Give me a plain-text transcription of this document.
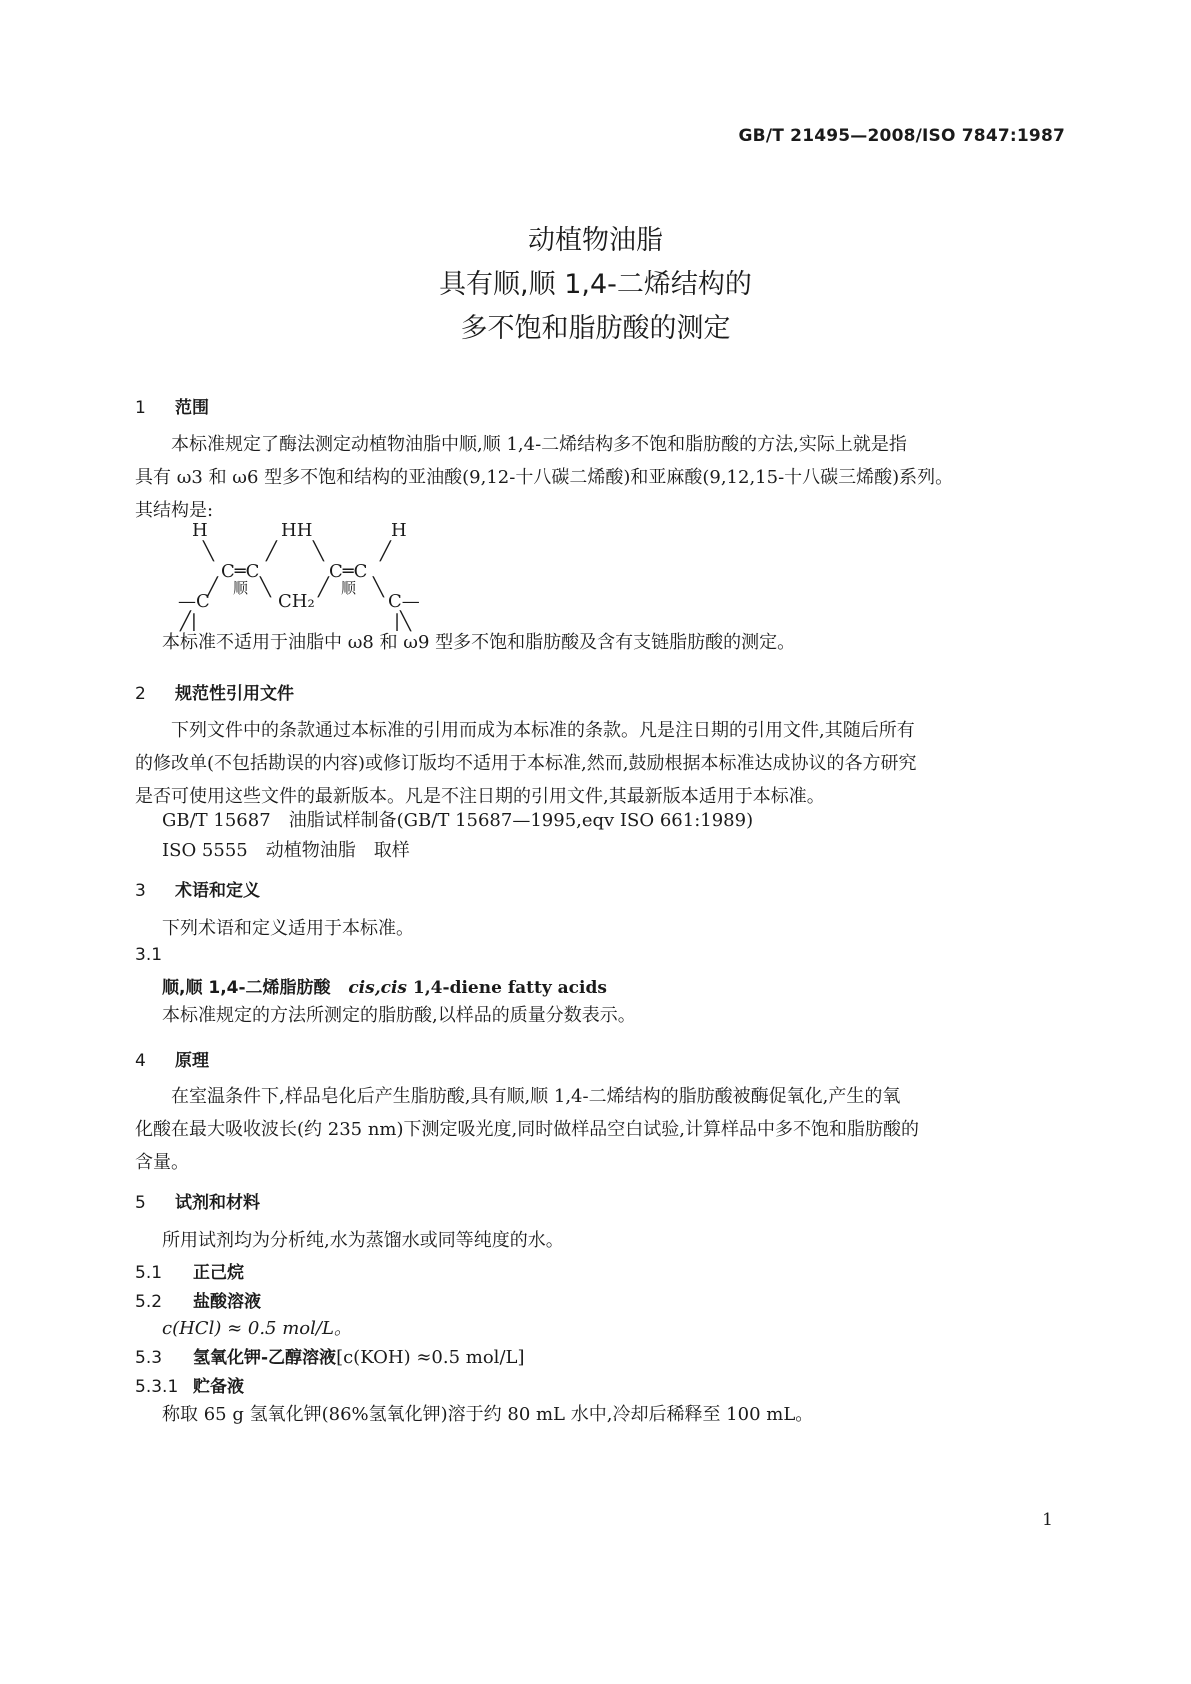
GB/T 21495—2008/ISO 7847:1987
动植物油脂
具有顺,顺 1,4-二烯结构的
多不饱和脂肪酸的测定
1 范围
本标准规定了酶法测定动植物油脂中顺,顺 1,4-二烯结构多不饱和脂肪酸的方法,实际上就是指
具有 ω3 和 ω6 型多不饱和结构的亚油酸(9,12-十八碳二烯酸)和亚麻酸(9,12,15-十八碳三烯酸)系列。
其结构是:
H	HH	H
╲	╱ ╲	╱
C═C	C═C
顺	顺
╱ ╲	╱ ╲
—C	CH₂	C—
╱|	|╲
本标准不适用于油脂中 ω8 和 ω9 型多不饱和脂肪酸及含有支链脂肪酸的测定。
2 规范性引用文件
下列文件中的条款通过本标准的引用而成为本标准的条款。凡是注日期的引用文件,其随后所有
的修改单(不包括勘误的内容)或修订版均不适用于本标准,然而,鼓励根据本标准达成协议的各方研究
是否可使用这些文件的最新版本。凡是不注日期的引用文件,其最新版本适用于本标准。
GB/T 15687　油脂试样制备(GB/T 15687—1995,eqv ISO 661:1989)
ISO 5555　动植物油脂　取样
3 术语和定义
下列术语和定义适用于本标准。
3.1
顺,顺 1,4-二烯脂肪酸 cis,cis 1,4-diene fatty acids
本标准规定的方法所测定的脂肪酸,以样品的质量分数表示。
4 原理
在室温条件下,样品皂化后产生脂肪酸,具有顺,顺 1,4-二烯结构的脂肪酸被酶促氧化,产生的氧
化酸在最大吸收波长(约 235 nm)下测定吸光度,同时做样品空白试验,计算样品中多不饱和脂肪酸的
含量。
5 试剂和材料
所用试剂均为分析纯,水为蒸馏水或同等纯度的水。
5.1 正己烷
5.2 盐酸溶液
c(HCl) ≈ 0.5 mol/L。
5.3 氢氧化钾-乙醇溶液[c(KOH) ≈0.5 mol/L]
5.3.1 贮备液
称取 65 g 氢氧化钾(86%氢氧化钾)溶于约 80 mL 水中,冷却后稀释至 100 mL。
1
